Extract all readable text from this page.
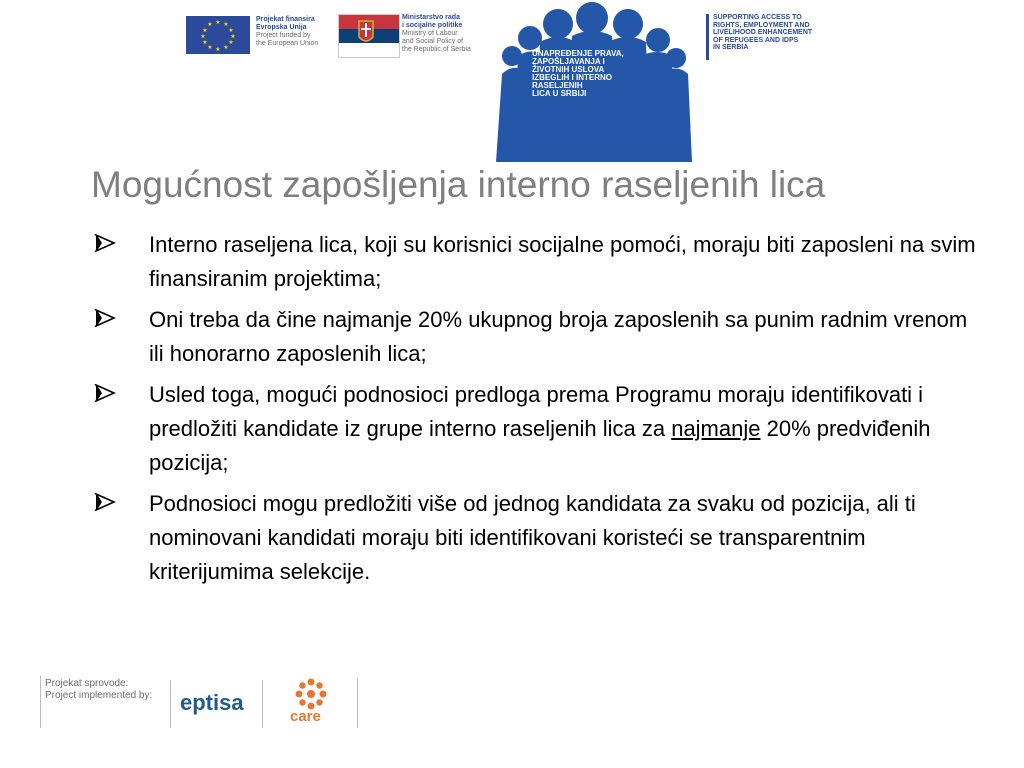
★ ★
★
★
★
★
★
★
★
★
★
★
Projekat finansira
Evropska Unija
Project funded by
the European Union
Ministarstvo rada
i socijalne politike
Ministry of Labour
and Social Policy of
the Republic of Serbia	UNAPREĐENJE PRAVA,
ZAPOŠLJAVANJA I
ŽIVOTNIH USLOVA
IZBEGLIH I INTERNO
RASELJENIH
LICA U SRBIJI
SUPPORTING ACCESS TO
RIGHTS, EMPLOYMENT AND
LIVELIHOOD ENHANCEMENT
OF REFUGEES AND IDPS
IN SERBIA
Mogućnost zapošljenja interno raseljenih lica
Interno raseljena lica, koji su korisnici socijalne pomoći, moraju biti zaposleni na svim finansiranim projektima;
Oni treba da čine najmanje 20% ukupnog broja zaposlenih sa punim radnim vrenom ili honorarno zaposlenih lica;
Usled toga, mogući podnosioci predloga prema Programu moraju identifikovati i predložiti kandidate iz grupe interno raseljenih lica za najmanje 20% predviđenih pozicija;
Podnosioci mogu predložiti više od jednog kandidata za svaku od pozicija, ali ti nominovani kandidati moraju biti identifikovani koristeći se transparentnim kriterijumima selekcije.
Projekat sprovode:
Project implemented by: eptisa
care
